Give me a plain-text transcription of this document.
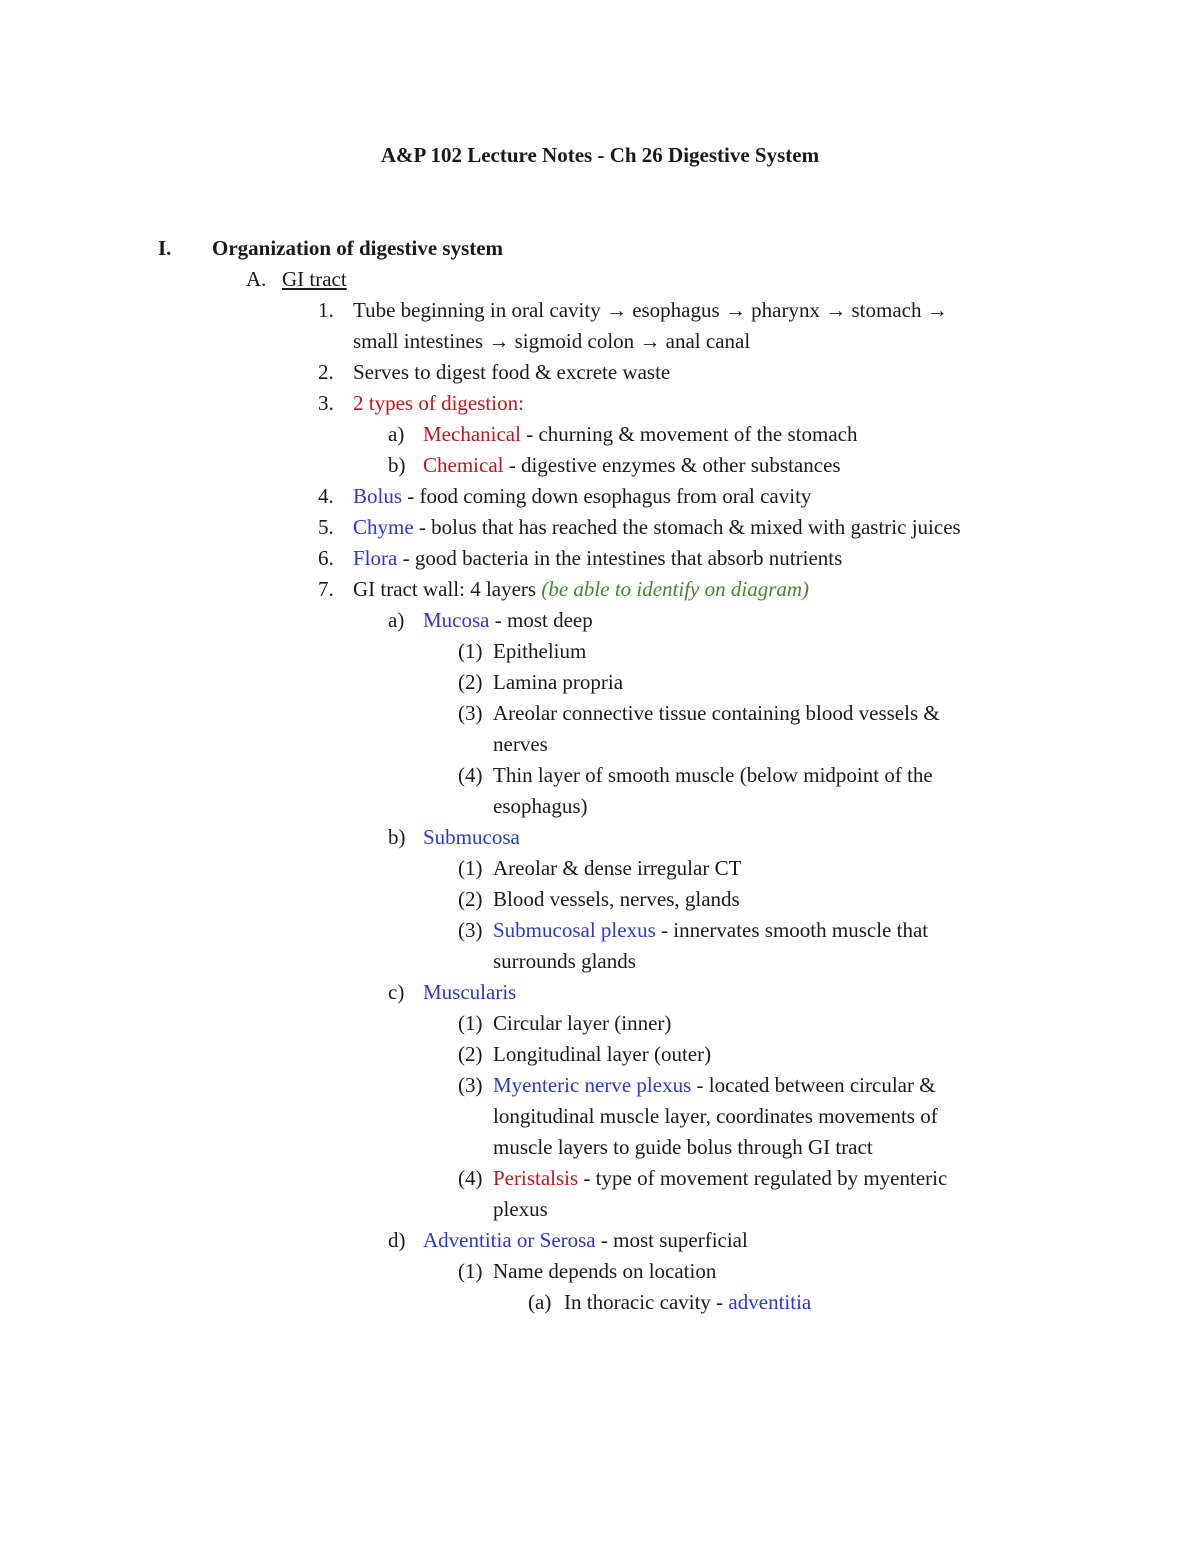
A&P 102 Lecture Notes - Ch 26 Digestive System
I. Organization of digestive system
A. GI tract
1. Tube beginning in oral cavity → esophagus → pharynx → stomach →
small intestines → sigmoid colon → anal canal
2. Serves to digest food & excrete waste
3. 2 types of digestion:
a) Mechanical - churning & movement of the stomach
b) Chemical - digestive enzymes & other substances
4. Bolus - food coming down esophagus from oral cavity
5. Chyme - bolus that has reached the stomach & mixed with gastric juices
6. Flora - good bacteria in the intestines that absorb nutrients
7. GI tract wall: 4 layers (be able to identify on diagram)
a) Mucosa - most deep
(1) Epithelium
(2) Lamina propria
(3) Areolar connective tissue containing blood vessels &
nerves
(4) Thin layer of smooth muscle (below midpoint of the
esophagus)
b) Submucosa
(1) Areolar & dense irregular CT
(2) Blood vessels, nerves, glands
(3) Submucosal plexus - innervates smooth muscle that
surrounds glands
c) Muscularis
(1) Circular layer (inner)
(2) Longitudinal layer (outer)
(3) Myenteric nerve plexus - located between circular &
longitudinal muscle layer, coordinates movements of
muscle layers to guide bolus through GI tract
(4) Peristalsis - type of movement regulated by myenteric
plexus
d) Adventitia or Serosa - most superficial
(1) Name depends on location
(a) In thoracic cavity - adventitia
